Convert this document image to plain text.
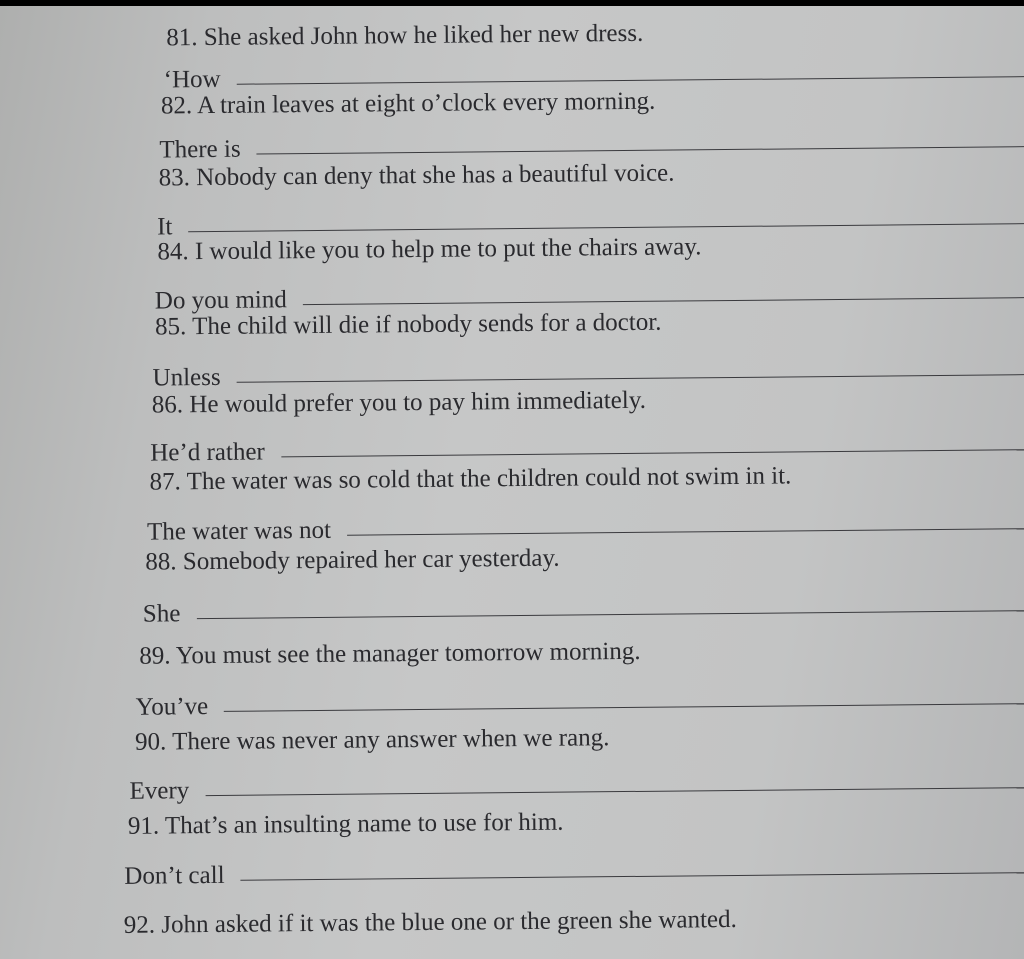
81. She asked John how he liked her new dress.
‘How
82. A train leaves at eight o’clock every morning.
There is
83. Nobody can deny that she has a beautiful voice.
It
84. I would like you to help me to put the chairs away.
Do you mind
85. The child will die if nobody sends for a doctor.
Unless
86. He would prefer you to pay him immediately.
He’d rather
87. The water was so cold that the children could not swim in it.
The water was not
88. Somebody repaired her car yesterday.
She
89. You must see the manager tomorrow morning.
You’ve
90. There was never any answer when we rang.
Every
91. That’s an insulting name to use for him.
Don’t call
92. John asked if it was the blue one or the green she wanted.
